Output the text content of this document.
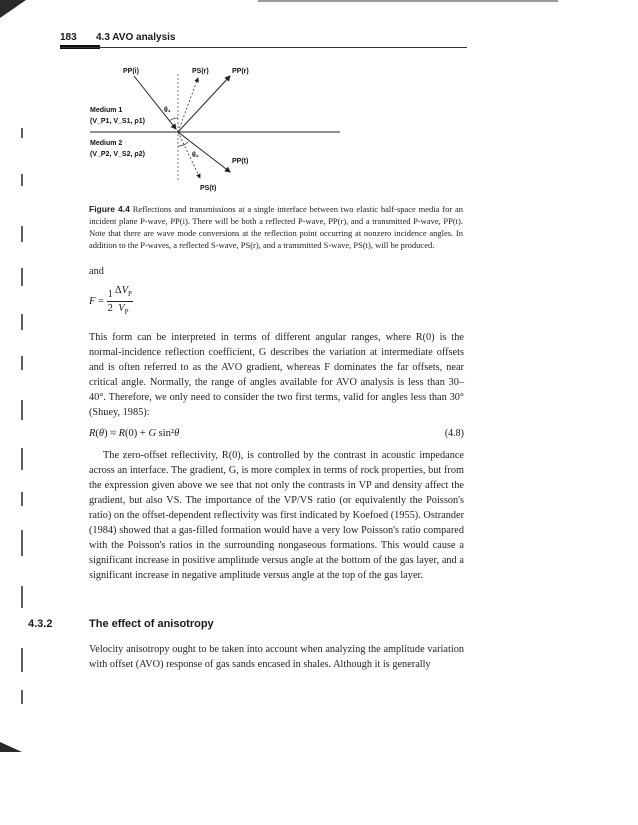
183 4.3 AVO analysis
PP(i)	PS(r)	PP(r)
PP(t)
PS(t)
θ₁
θ₂
Medium 1
(V_P1, V_S1, ρ1)
Medium 2
(V_P2, V_S2, ρ2)
Figure 4.4 Reflections and transmissions at a single interface between two elastic half-space media for an incident plane P-wave, PP(i). There will be both a reflected P-wave, PP(r), and a transmitted P-wave, PP(t). Note that there are wave mode conversions at the reflection point occurring at nonzero incidence angles. In addition to the P-waves, a reflected S-wave, PS(r), and a transmitted S-wave, PS(t), will be produced.
and
$F = \frac{1}{2} \frac{\Delta V_P}{V_P}$

This form can be interpreted in terms of different angular ranges, where R(0) is the normal-incidence reflection coefficient, G describes the variation at intermediate offsets and is often referred to as the AVO gradient, whereas F dominates the far offsets, near critical angle. Normally, the range of angles available for AVO analysis is less than 30–40°. Therefore, we only need to consider the two first terms, valid for angles less than 30° (Shuey, 1985):

R(θ) ≈ R(0) + G sin²θ	(4.8)

The zero-offset reflectivity, R(0), is controlled by the contrast in acoustic impedance across an interface. The gradient, G, is more complex in terms of rock properties, but from the expression given above we see that not only the contrasts in VP and density affect the gradient, but also VS. The importance of the VP/VS ratio (or equivalently the Poisson's ratio) on the offset-dependent reflectivity was first indicated by Koefoed (1955). Ostrander (1984) showed that a gas-filled formation would have a very low Poisson's ratio compared with the Poisson's ratios in the surrounding nongaseous formations. This would cause a significant increase in positive amplitude versus angle at the bottom of the gas layer, and a significant increase in negative amplitude versus angle at the top of the gas layer.

4.3.2	The effect of anisotropy

Velocity anisotropy ought to be taken into account when analyzing the amplitude variation with offset (AVO) response of gas sands encased in shales. Although it is generally
